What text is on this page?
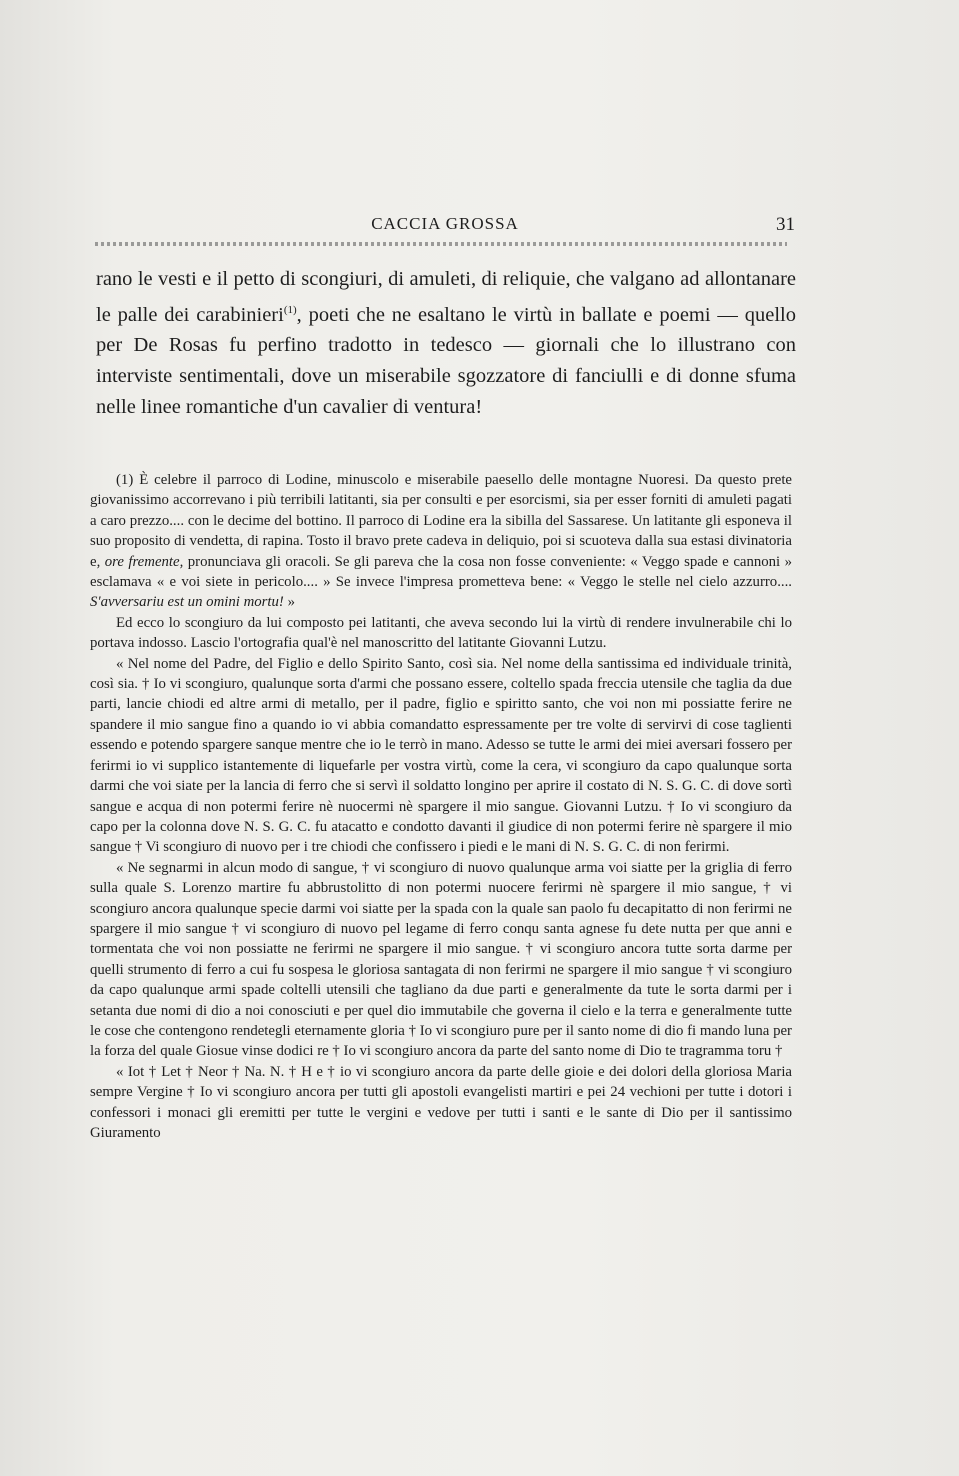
CACCIA GROSSA	31
rano le vesti e il petto di scongiuri, di amuleti, di reliquie, che valgano ad allontanare le palle dei carabinieri$^{(1)}$, poeti che ne esaltano le virtù in ballate e poemi — quello per De Rosas fu perfino tradotto in tedesco — giornali che lo illustrano con interviste sentimentali, dove un miserabile sgozzatore di fanciulli e di donne sfuma nelle linee romantiche d'un cavalier di ventura!

(1) È celebre il parroco di Lodine, minuscolo e miserabile paesello delle montagne Nuoresi. Da questo prete giovanissimo accorrevano i più terribili latitanti, sia per consulti e per esorcismi, sia per esser forniti di amuleti pagati a caro prezzo.... con le decime del bottino. Il parroco di Lodine era la sibilla del Sassarese. Un latitante gli esponeva il suo proposito di vendetta, di rapina. Tosto il bravo prete cadeva in deliquio, poi si scuoteva dalla sua estasi divinatoria e, ore fremente, pronunciava gli oracoli. Se gli pareva che la cosa non fosse conveniente: « Veggo spade e cannoni » esclamava « e voi siete in pericolo.... » Se invece l'impresa prometteva bene: « Veggo le stelle nel cielo azzurro.... S'avversariu est un omini mortu! »

Ed ecco lo scongiuro da lui composto pei latitanti, che aveva secondo lui la virtù di rendere invulnerabile chi lo portava indosso. Lascio l'ortografia qual'è nel manoscritto del latitante Giovanni Lutzu.

« Nel nome del Padre, del Figlio e dello Spirito Santo, così sia. Nel nome della santissima ed individuale trinità, così sia. † Io vi scongiuro, qualunque sorta d'armi che possano essere, coltello spada freccia utensile che taglia da due parti, lancie chiodi ed altre armi di metallo, per il padre, figlio e spiritto santo, che voi non mi possiatte ferire ne spandere il mio sangue fino a quando io vi abbia comandatto espressamente per tre volte di servirvi di cose taglienti essendo e potendo spargere sanque mentre che io le terrò in mano. Adesso se tutte le armi dei miei aversari fossero per ferirmi io vi supplico istantemente di liquefarle per vostra virtù, come la cera, vi scongiuro da capo qualunque sorta darmi che voi siate per la lancia di ferro che si servì il soldatto longino per aprire il costato di N. S. G. C. di dove sortì sangue e acqua di non potermi ferire nè nuocermi nè spargere il mio sangue. Giovanni Lutzu. † Io vi scongiuro da capo per la colonna dove N. S. G. C. fu atacatto e condotto davanti il giudice di non potermi ferire nè spargere il mio sangue † Vi scongiuro di nuovo per i tre chiodi che confissero i piedi e le mani di N. S. G. C. di non ferirmi.

« Ne segnarmi in alcun modo di sangue, † vi scongiuro di nuovo qualunque arma voi siatte per la griglia di ferro sulla quale S. Lorenzo martire fu abbrustolitto di non potermi nuocere ferirmi nè spargere il mio sangue, † vi scongiuro ancora qualunque specie darmi voi siatte per la spada con la quale san paolo fu decapitatto di non ferirmi ne spargere il mio sangue † vi scongiuro di nuovo pel legame di ferro conqu santa agnese fu dete nutta per que anni e tormentata che voi non possiatte ne ferirmi ne spargere il mio sangue. † vi scongiuro ancora tutte sorta darme per quelli strumento di ferro a cui fu sospesa le gloriosa santagata di non ferirmi ne spargere il mio sangue † vi scongiuro da capo qualunque armi spade coltelli utensili che tagliano da due parti e generalmente da tute le sorta darmi per i setanta due nomi di dio a noi conosciuti e per quel dio immutabile che governa il cielo e la terra e generalmente tutte le cose che contengono rendetegli eternamente gloria † Io vi scongiuro pure per il santo nome di dio fi mando luna per la forza del quale Giosue vinse dodici re † Io vi scongiuro ancora da parte del santo nome di Dio te tragramma toru †

« Iot † Let † Neor † Na. N. † H e † io vi scongiuro ancora da parte delle gioie e dei dolori della gloriosa Maria sempre Vergine † Io vi scongiuro ancora per tutti gli apostoli evangelisti martiri e pei 24 vechioni per tutte i dotori i confessori i monaci gli eremitti per tutte le vergini e vedove per tutti i santi e le sante di Dio per il santissimo Giuramento
